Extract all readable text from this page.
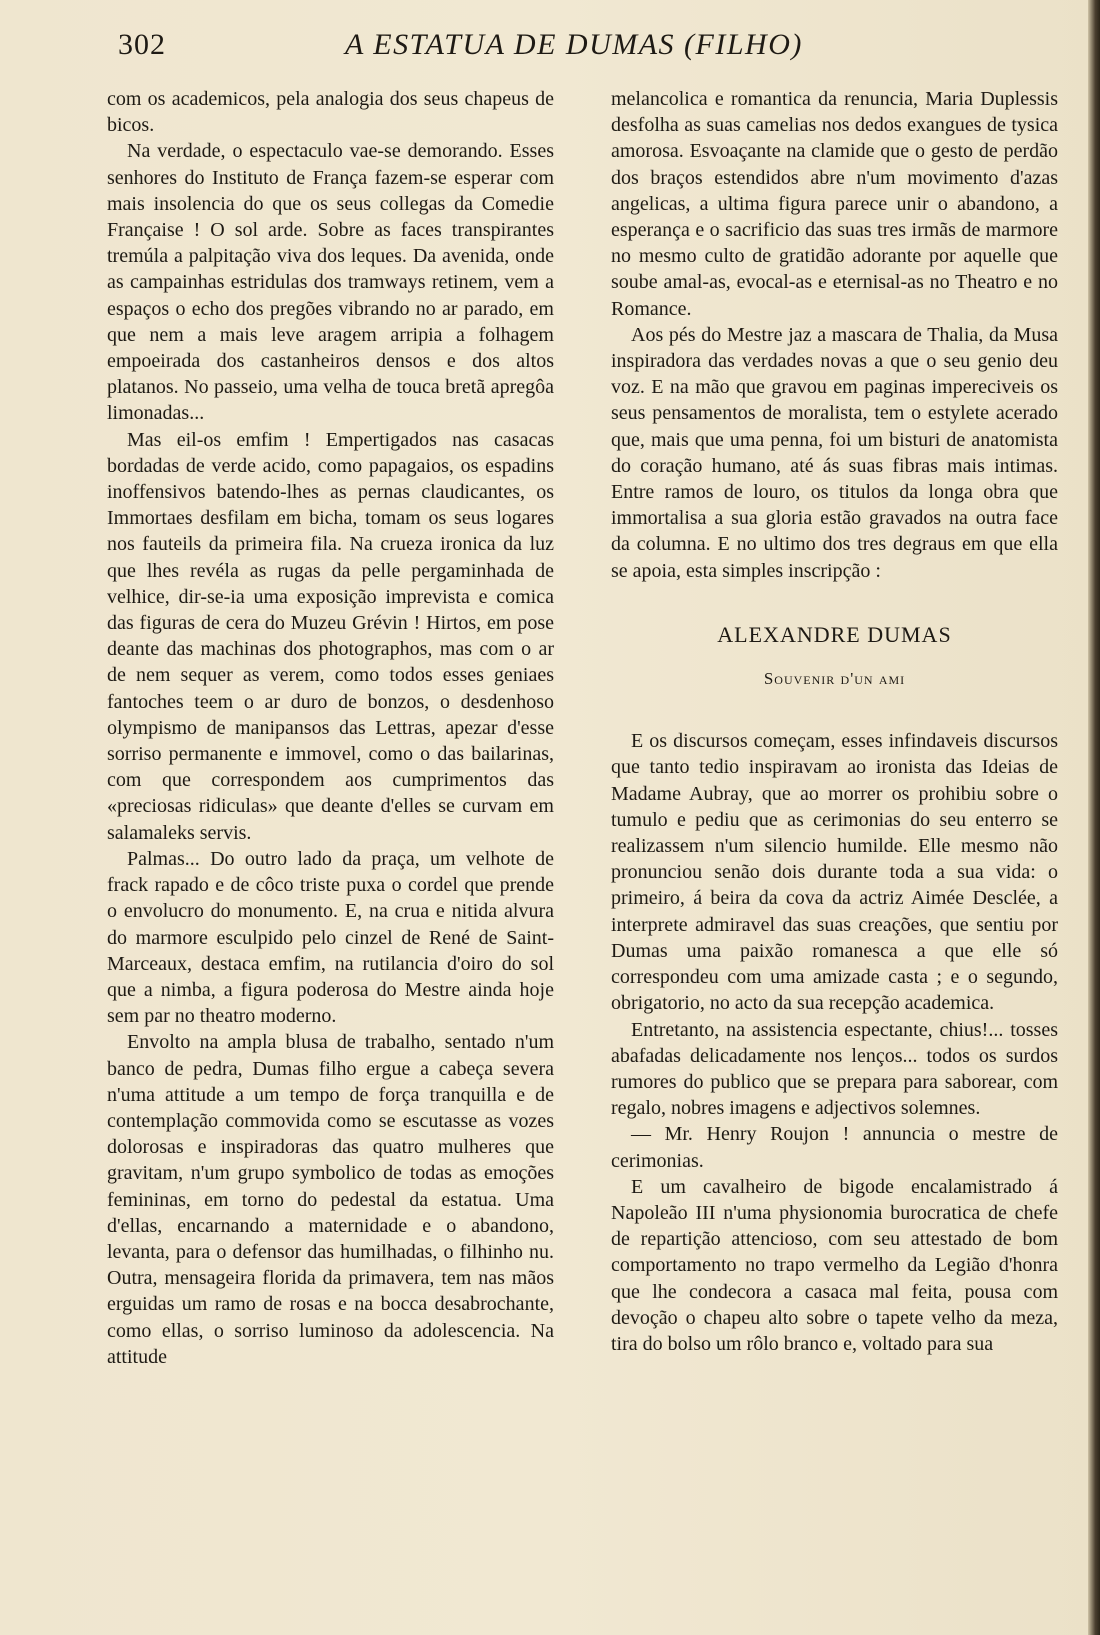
302	A ESTATUA DE DUMAS (FILHO)

com os academicos, pela analogia dos seus chapeus de bicos.

Na verdade, o espectaculo vae-se demorando. Esses senhores do Instituto de França fazem-se esperar com mais insolencia do que os seus collegas da Comedie Française ! O sol arde. Sobre as faces transpirantes tremúla a palpitação viva dos leques. Da avenida, onde as campainhas estridulas dos tramways retinem, vem a espaços o echo dos pregões vibrando no ar parado, em que nem a mais leve aragem arripia a folhagem empoeirada dos castanheiros densos e dos altos platanos. No passeio, uma velha de touca bretã apregôa limonadas...

Mas eil-os emfim ! Empertigados nas casacas bordadas de verde acido, como papagaios, os espadins inoffensivos batendo-lhes as pernas claudicantes, os Immortaes desfilam em bicha, tomam os seus logares nos fauteils da primeira fila. Na crueza ironica da luz que lhes revéla as rugas da pelle pergaminhada de velhice, dir-se-ia uma exposição imprevista e comica das figuras de cera do Muzeu Grévin ! Hirtos, em pose deante das machinas dos photographos, mas com o ar de nem sequer as verem, como todos esses geniaes fantoches teem o ar duro de bonzos, o desdenhoso olympismo de manipansos das Lettras, apezar d'esse sorriso permanente e immovel, como o das bailarinas, com que correspondem aos cumprimentos das «preciosas ridiculas» que deante d'elles se curvam em salamaleks servis.

Palmas... Do outro lado da praça, um velhote de frack rapado e de côco triste puxa o cordel que prende o envolucro do monumento. E, na crua e nitida alvura do marmore esculpido pelo cinzel de René de Saint-Marceaux, destaca emfim, na rutilancia d'oiro do sol que a nimba, a figura poderosa do Mestre ainda hoje sem par no theatro moderno.

Envolto na ampla blusa de trabalho, sentado n'um banco de pedra, Dumas filho ergue a cabeça severa n'uma attitude a um tempo de força tranquilla e de contemplação commovida como se escutasse as vozes dolorosas e inspiradoras das quatro mulheres que gravitam, n'um grupo symbolico de todas as emoções femininas, em torno do pedestal da estatua. Uma d'ellas, encarnando a maternidade e o abandono, levanta, para o defensor das humilhadas, o filhinho nu. Outra, mensageira florida da primavera, tem nas mãos erguidas um ramo de rosas e na bocca desabrochante, como ellas, o sorriso luminoso da adolescencia. Na attitude

melancolica e romantica da renuncia, Maria Duplessis desfolha as suas camelias nos dedos exangues de tysica amorosa. Esvoaçante na clamide que o gesto de perdão dos braços estendidos abre n'um movimento d'azas angelicas, a ultima figura parece unir o abandono, a esperança e o sacrificio das suas tres irmãs de marmore no mesmo culto de gratidão adorante por aquelle que soube amal-as, evocal-as e eternisal-as no Theatro e no Romance.

Aos pés do Mestre jaz a mascara de Thalia, da Musa inspiradora das verdades novas a que o seu genio deu voz. E na mão que gravou em paginas impereciveis os seus pensamentos de moralista, tem o estylete acerado que, mais que uma penna, foi um bisturi de anatomista do coração humano, até ás suas fibras mais intimas. Entre ramos de louro, os titulos da longa obra que immortalisa a sua gloria estão gravados na outra face da columna. E no ultimo dos tres degraus em que ella se apoia, esta simples inscripção :

ALEXANDRE DUMAS
Souvenir d'un ami

E os discursos começam, esses infindaveis discursos que tanto tedio inspiravam ao ironista das Ideias de Madame Aubray, que ao morrer os prohibiu sobre o tumulo e pediu que as cerimonias do seu enterro se realizassem n'um silencio humilde. Elle mesmo não pronunciou senão dois durante toda a sua vida: o primeiro, á beira da cova da actriz Aimée Desclée, a interprete admiravel das suas creações, que sentiu por Dumas uma paixão romanesca a que elle só correspondeu com uma amizade casta ; e o segundo, obrigatorio, no acto da sua recepção academica.

Entretanto, na assistencia espectante, chius!... tosses abafadas delicadamente nos lenços... todos os surdos rumores do publico que se prepara para saborear, com regalo, nobres imagens e adjectivos solemnes.

— Mr. Henry Roujon ! annuncia o mestre de cerimonias.

E um cavalheiro de bigode encalamistrado á Napoleão III n'uma physionomia burocratica de chefe de repartição attencioso, com seu attestado de bom comportamento no trapo vermelho da Legião d'honra que lhe condecora a casaca mal feita, pousa com devoção o chapeu alto sobre o tapete velho da meza, tira do bolso um rôlo branco e, voltado para sua
